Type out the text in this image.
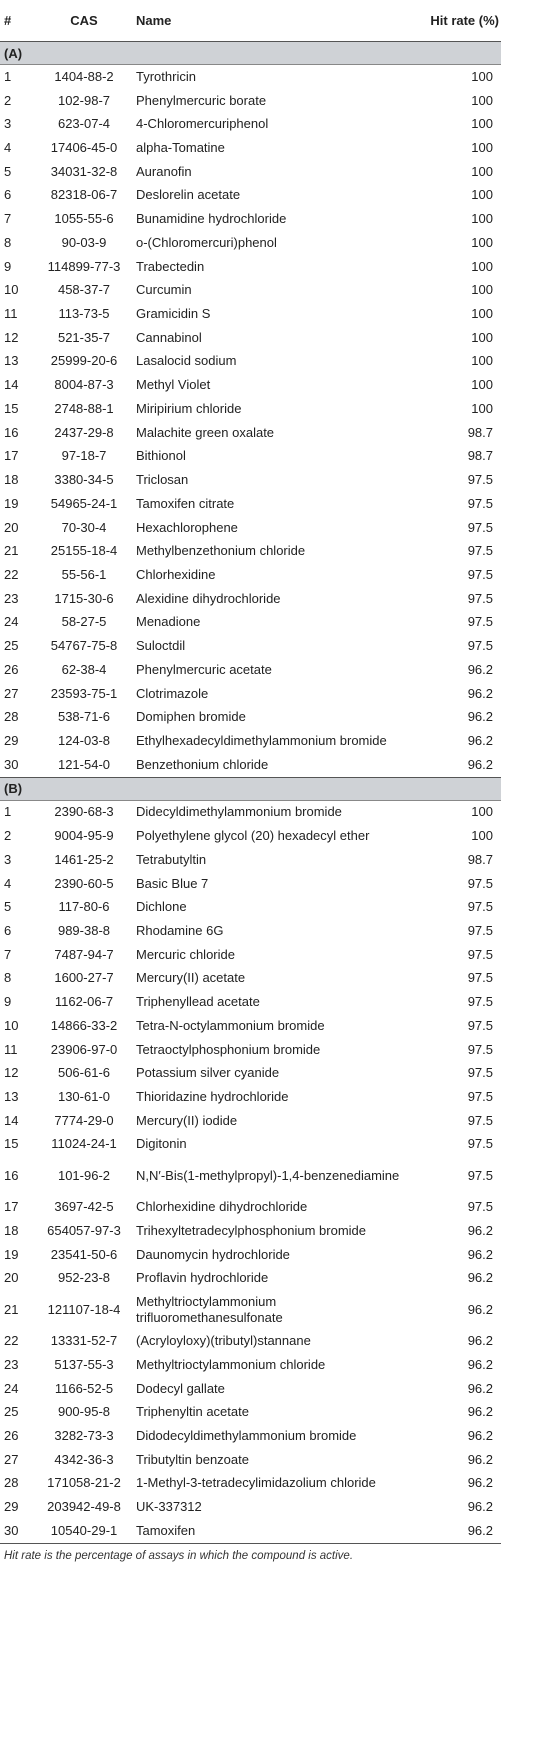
#	CAS	Name	Hit rate (%)
(A)			
1	1404-88-2	Tyrothricin	100
2	102-98-7	Phenylmercuric borate	100
3	623-07-4	4-Chloromercuriphenol	100
4	17406-45-0	alpha-Tomatine	100
5	34031-32-8	Auranofin	100
6	82318-06-7	Deslorelin acetate	100
7	1055-55-6	Bunamidine hydrochloride	100
8	90-03-9	o-(Chloromercuri)phenol	100
9	114899-77-3	Trabectedin	100
10	458-37-7	Curcumin	100
11	113-73-5	Gramicidin S	100
12	521-35-7	Cannabinol	100
13	25999-20-6	Lasalocid sodium	100
14	8004-87-3	Methyl Violet	100
15	2748-88-1	Miripirium chloride	100
16	2437-29-8	Malachite green oxalate	98.7
17	97-18-7	Bithionol	98.7
18	3380-34-5	Triclosan	97.5
19	54965-24-1	Tamoxifen citrate	97.5
20	70-30-4	Hexachlorophene	97.5
21	25155-18-4	Methylbenzethonium chloride	97.5
22	55-56-1	Chlorhexidine	97.5
23	1715-30-6	Alexidine dihydrochloride	97.5
24	58-27-5	Menadione	97.5
25	54767-75-8	Suloctdil	97.5
26	62-38-4	Phenylmercuric acetate	96.2
27	23593-75-1	Clotrimazole	96.2
28	538-71-6	Domiphen bromide	96.2
29	124-03-8	Ethylhexadecyldimethylammonium bromide	96.2
30	121-54-0	Benzethonium chloride	96.2
(B)			
1	2390-68-3	Didecyldimethylammonium bromide	100
2	9004-95-9	Polyethylene glycol (20) hexadecyl ether	100
3	1461-25-2	Tetrabutyltin	98.7
4	2390-60-5	Basic Blue 7	97.5
5	117-80-6	Dichlone	97.5
6	989-38-8	Rhodamine 6G	97.5
7	7487-94-7	Mercuric chloride	97.5
8	1600-27-7	Mercury(II) acetate	97.5
9	1162-06-7	Triphenyllead acetate	97.5
10	14866-33-2	Tetra-N-octylammonium bromide	97.5
11	23906-97-0	Tetraoctylphosphonium bromide	97.5
12	506-61-6	Potassium silver cyanide	97.5
13	130-61-0	Thioridazine hydrochloride	97.5
14	7774-29-0	Mercury(II) iodide	97.5
15	11024-24-1	Digitonin	97.5
16	101-96-2	N,N′-Bis(1-methylpropyl)-1,4-benzenediamine	97.5
17	3697-42-5	Chlorhexidine dihydrochloride	97.5
18	654057-97-3	Trihexyltetradecylphosphonium bromide	96.2
19	23541-50-6	Daunomycin hydrochloride	96.2
20	952-23-8	Proflavin hydrochloride	96.2
21	121107-18-4	Methyltrioctylammonium trifluoromethanesulfonate	96.2
22	13331-52-7	(Acryloyloxy)(tributyl)stannane	96.2
23	5137-55-3	Methyltrioctylammonium chloride	96.2
24	1166-52-5	Dodecyl gallate	96.2
25	900-95-8	Triphenyltin acetate	96.2
26	3282-73-3	Didodecyldimethylammonium bromide	96.2
27	4342-36-3	Tributyltin benzoate	96.2
28	171058-21-2	1-Methyl-3-tetradecylimidazolium chloride	96.2
29	203942-49-8	UK-337312	96.2
30	10540-29-1	Tamoxifen	96.2
Hit rate is the percentage of assays in which the compound is active.
